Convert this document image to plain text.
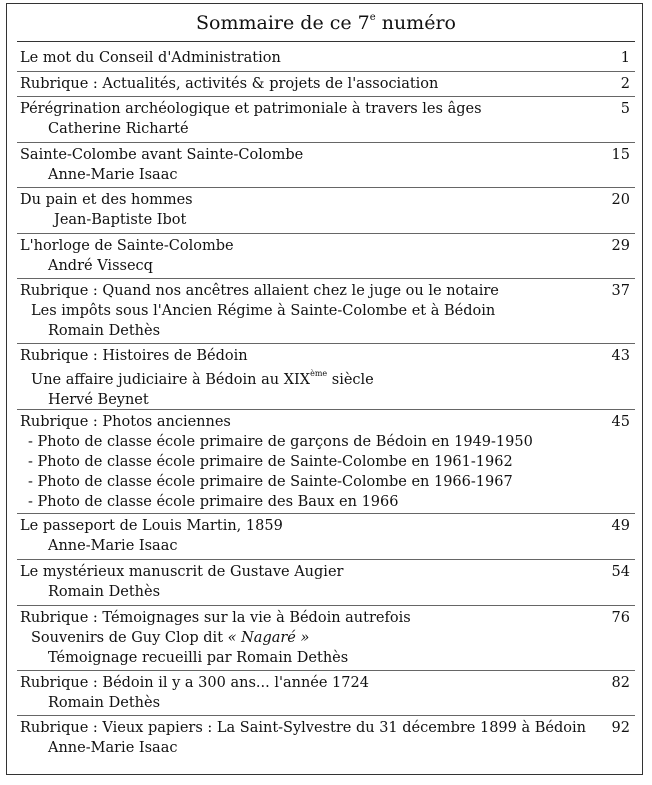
Sommaire de ce 7e numéro
Le mot du Conseil d'Administration	1
Rubrique : Actualités, activités & projets de l'association	2
Pérégrination archéologique et patrimoniale à travers les âges	5
Catherine Richarté
Sainte-Colombe avant Sainte-Colombe	15
Anne-Marie Isaac
Du pain et des hommes	20
Jean-Baptiste Ibot
L'horloge de Sainte-Colombe	29
André Vissecq
Rubrique : Quand nos ancêtres allaient chez le juge ou le notaire	37
Les impôts sous l'Ancien Régime à Sainte-Colombe et à Bédoin
Romain Dethès
Rubrique : Histoires de Bédoin	43
Une affaire judiciaire à Bédoin au XIXème siècle
Hervé Beynet
Rubrique : Photos anciennes	45
- Photo de classe école primaire de garçons de Bédoin en 1949-1950
- Photo de classe école primaire de Sainte-Colombe en 1961-1962
- Photo de classe école primaire de Sainte-Colombe en 1966-1967
- Photo de classe école primaire des Baux en 1966
Le passeport de Louis Martin, 1859	49
Anne-Marie Isaac
Le mystérieux manuscrit de Gustave Augier	54
Romain Dethès
Rubrique : Témoignages sur la vie à Bédoin autrefois	76
Souvenirs de Guy Clop dit « Nagaré »
Témoignage recueilli par Romain Dethès
Rubrique : Bédoin il y a 300 ans... l'année 1724	82
Romain Dethès
Rubrique : Vieux papiers : La Saint-Sylvestre du 31 décembre 1899 à Bédoin 92
Anne-Marie Isaac
